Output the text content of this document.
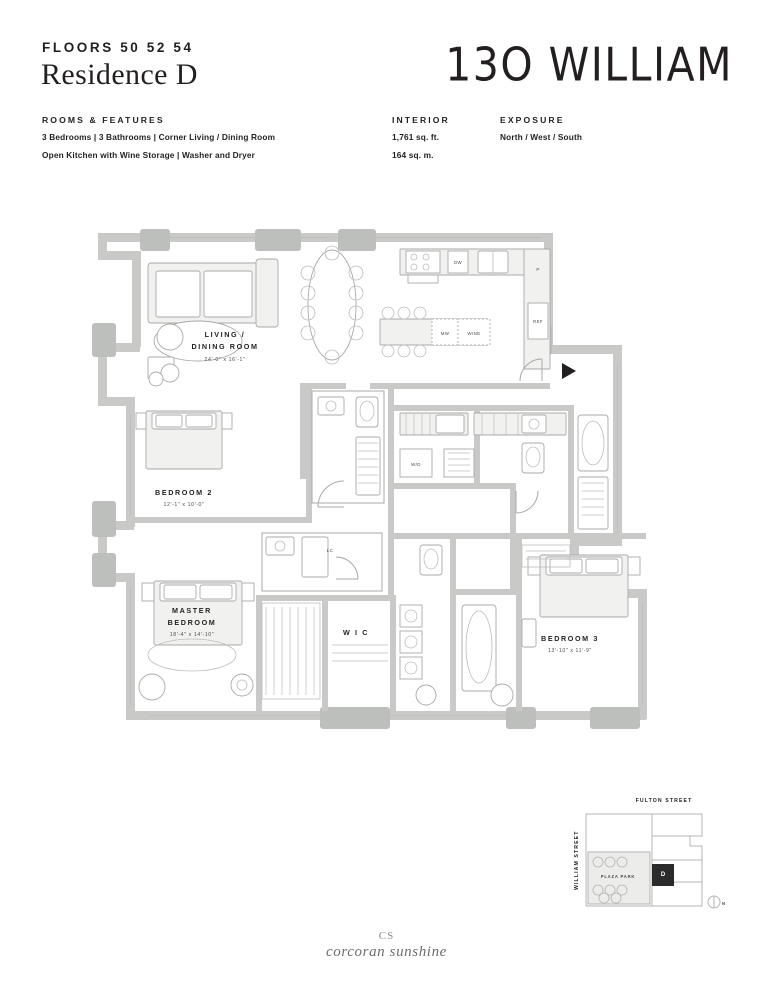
FLOORS 50 52 54
Residence D	13O WILLIAM
ROOMS & FEATURES
3 Bedrooms | 3 Bathrooms | Corner Living / Dining Room
Open Kitchen with Wine Storage | Washer and Dryer
INTERIOR
1,761 sq. ft.
164 sq. m.
EXPOSURE
North / West / South
LIVING /
DINING ROOM
24'-0" x 16'-1"
DW
P
REF
MW	WINE
BEDROOM 2
12'-1" x 10'-0"
W/D
MASTER
BEDROOM
18'-4" x 14'-10"
LC
W I C
BEDROOM 3
13'-10" x 11'-9"
FULTON STREET
WILLIAM STREET	PLAZA PARK	D
N
CS
corcoran sunshine
